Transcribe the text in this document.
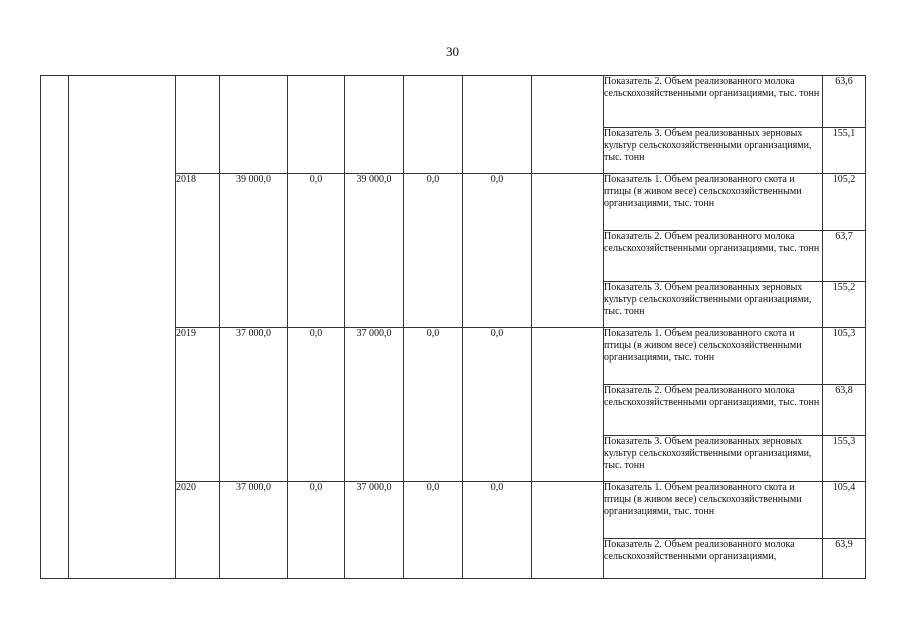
30

									Показатель 2. Объем реализованного молока сельскохозяйственными организациями, тыс. тонн	63,6
									Показатель 3. Объем реализованных зерновых культур сельскохозяйственными организациями, тыс. тонн	155,1
		2018	39 000,0	0,0	39 000,0	0,0	0,0		Показатель 1. Объем реализованного скота и птицы (в живом весе) сельскохозяйственными организациями, тыс. тонн	105,2
									Показатель 2. Объем реализованного молока сельскохозяйственными организациями, тыс. тонн	63,7
									Показатель 3. Объем реализованных зерновых культур сельскохозяйственными организациями, тыс. тонн	155,2
		2019	37 000,0	0,0	37 000,0	0,0	0,0		Показатель 1. Объем реализованного скота и птицы (в живом весе) сельскохозяйственными организациями, тыс. тонн	105,3
									Показатель 2. Объем реализованного молока сельскохозяйственными организациями, тыс. тонн	63,8
									Показатель 3. Объем реализованных зерновых культур сельскохозяйственными организациями, тыс. тонн	155,3
		2020	37 000,0	0,0	37 000,0	0,0	0,0		Показатель 1. Объем реализованного скота и птицы (в живом весе) сельскохозяйственными организациями, тыс. тонн	105,4
									Показатель 2. Объем реализованного молока сельскохозяйственными организациями,	63,9
